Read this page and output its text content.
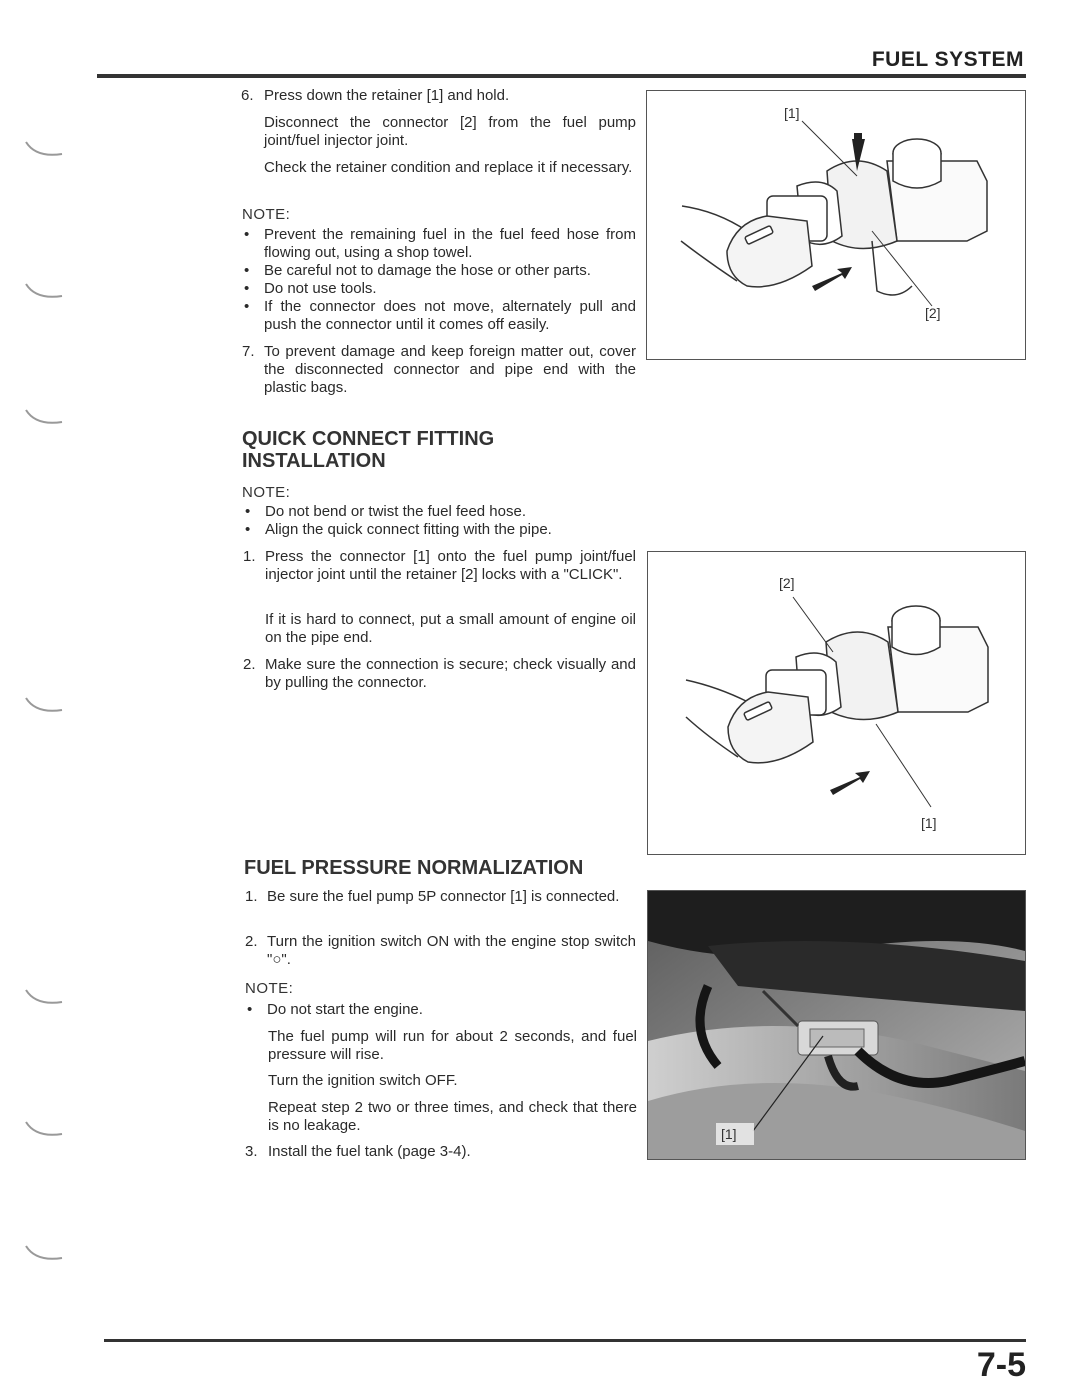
FUEL SYSTEM
6. Press down the retainer [1] and hold.

Disconnect the connector [2] from the fuel pump joint/fuel injector joint.

Check the retainer condition and replace it if necessary.

NOTE:

• Prevent the remaining fuel in the fuel feed hose from flowing out, using a shop towel.

• Be careful not to damage the hose or other parts.

• Do not use tools.

• If the connector does not move, alternately pull and push the connector until it comes off easily.

7. To prevent damage and keep foreign matter out, cover the disconnected connector and pipe end with the plastic bags.

[1]
[2]
QUICK CONNECT FITTING
INSTALLATION
NOTE:

• Do not bend or twist the fuel feed hose.

• Align the quick connect fitting with the pipe.

1. Press the connector [1] onto the fuel pump joint/fuel injector joint until the retainer [2] locks with a "CLICK".

If it is hard to connect, put a small amount of engine oil on the pipe end.

2. Make sure the connection is secure; check visually and by pulling the connector.

[2]
[1]
FUEL PRESSURE NORMALIZATION
1. Be sure the fuel pump 5P connector [1] is connected.

2. Turn the ignition switch ON with the engine stop switch "○".

NOTE:

• Do not start the engine.

The fuel pump will run for about 2 seconds, and fuel pressure will rise.

Turn the ignition switch OFF.

Repeat step 2 two or three times, and check that there is no leakage.

3. Install the fuel tank (page 3-4).

[1]
7-5
